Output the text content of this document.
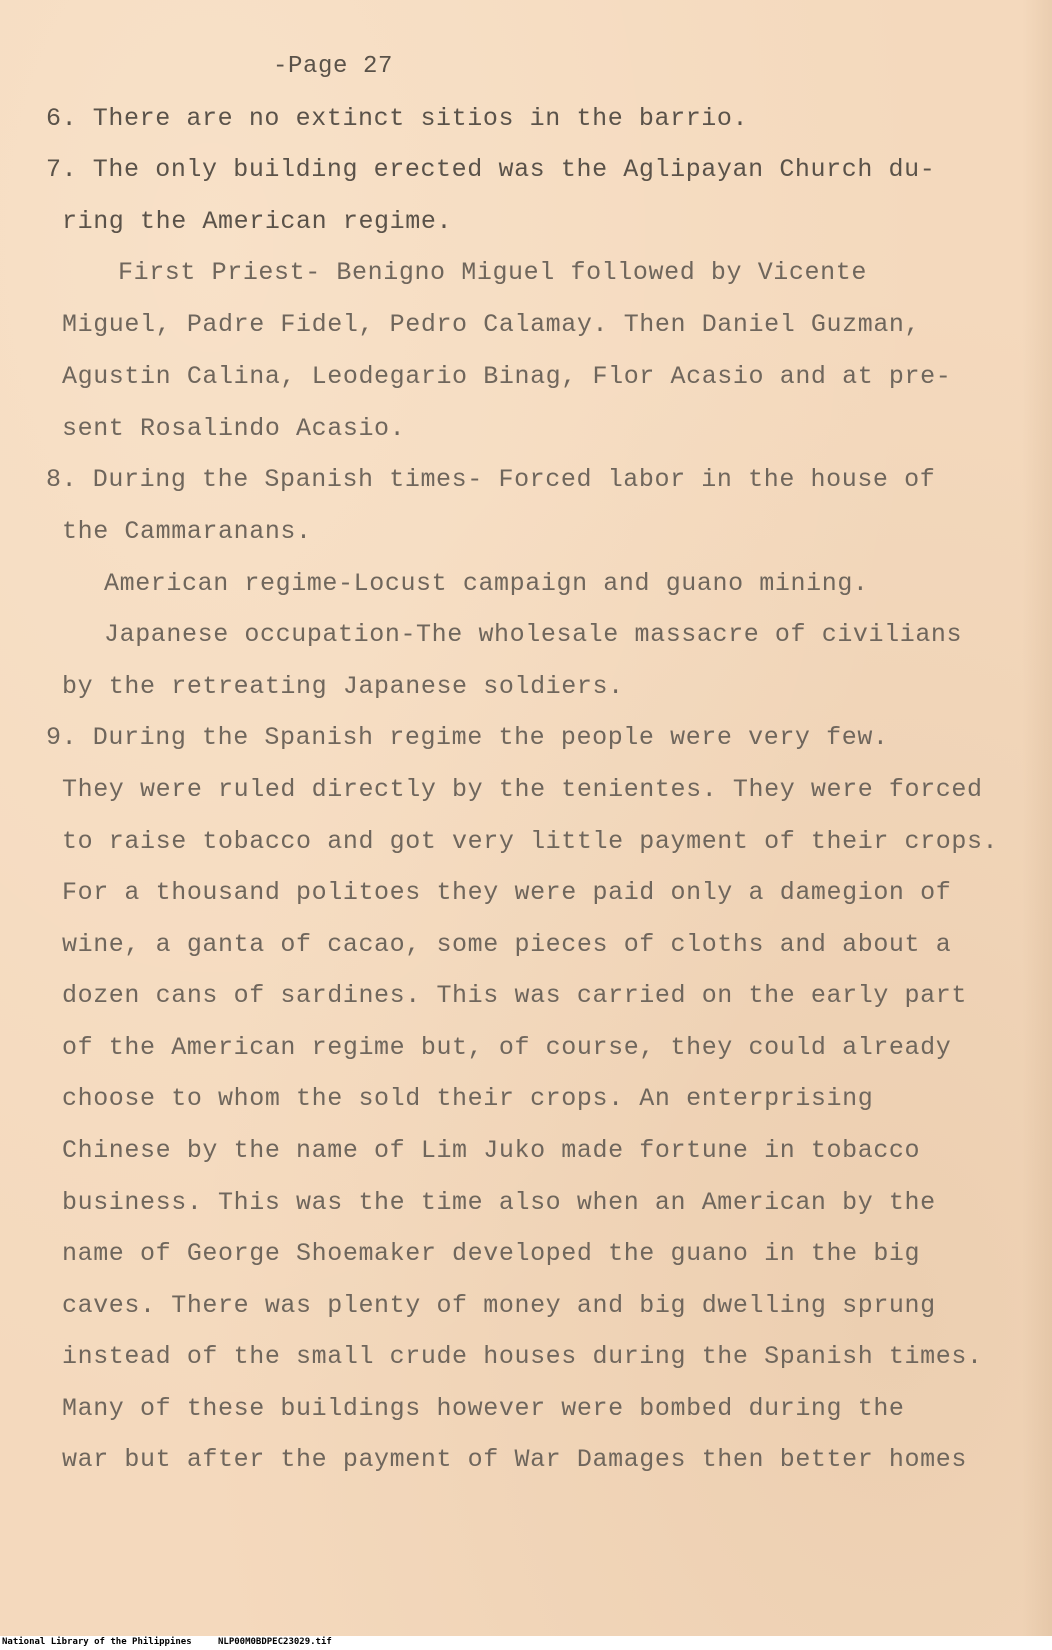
-Page 27
6. There are no extinct sitios in the barrio.
7. The only building erected was the Aglipayan Church du-
ring the American regime.
First Priest- Benigno Miguel followed by Vicente
Miguel, Padre Fidel, Pedro Calamay. Then Daniel Guzman,
Agustin Calina, Leodegario Binag, Flor Acasio and at pre-
sent Rosalindo Acasio.
8. During the Spanish times- Forced labor in the house of
the Cammaranans.
American regime-Locust campaign and guano mining.
Japanese occupation-The wholesale massacre of civilians
by the retreating Japanese soldiers.
9. During the Spanish regime the people were very few.
They were ruled directly by the tenientes. They were forced
to raise tobacco and got very little payment of their crops.
For a thousand politoes they were paid only a damegion of
wine, a ganta of cacao, some pieces of cloths and about a
dozen cans of sardines. This was carried on the early part
of the American regime but, of course, they could already
choose to whom the sold their crops. An enterprising
Chinese by the name of Lim Juko made fortune in tobacco
business. This was the time also when an American by the
name of George Shoemaker developed the guano in the big
caves. There was plenty of money and big dwelling sprung
instead of the small crude houses during the Spanish times.
Many of these buildings however were bombed during the
war but after the payment of War Damages then better homes
National Library of the Philippines	NLP00M0BDPEC23029.tif
